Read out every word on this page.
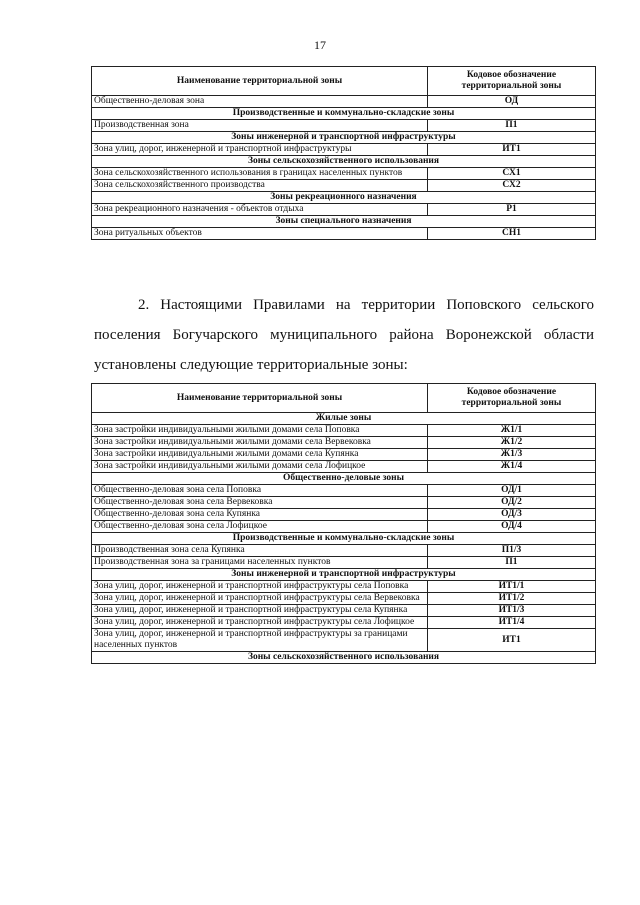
17
Наименование территориальной зоны	Кодовое обозначение территориальной зоны
Общественно-деловая зона	ОД
Производственные и коммунально-складские зоны	
Производственная зона	П1
Зоны инженерной и транспортной инфраструктуры	
Зона улиц, дорог, инженерной и транспортной инфраструктуры	ИТ1
Зоны сельскохозяйственного использования	
Зона сельскохозяйственного использования в границах населенных пунктов	СХ1
Зона сельскохозяйственного производства	СХ2
Зоны рекреационного назначения	
Зона рекреационного назначения - объектов отдыха	Р1
Зоны специального назначения	
Зона ритуальных объектов	СН1

2. Настоящими Правилами на территории Поповского сельского поселения Богучарского муниципального района Воронежской области установлены следующие территориальные зоны:

Наименование территориальной зоны	Кодовое обозначение территориальной зоны
Жилые зоны	
Зона застройки индивидуальными жилыми домами села Поповка	Ж1/1
Зона застройки индивидуальными жилыми домами села Вервековка	Ж1/2
Зона застройки индивидуальными жилыми домами села Купянка	Ж1/3
Зона застройки индивидуальными жилыми домами села Лофицкое	Ж1/4
Общественно-деловые зоны	
Общественно-деловая зона села Поповка	ОД/1
Общественно-деловая зона села Вервековка	ОД/2
Общественно-деловая зона села Купянка	ОД/3
Общественно-деловая зона села Лофицкое	ОД/4
Производственные и коммунально-складские зоны	
Производственная зона села Купянка	П1/3
Производственная зона за границами населенных пунктов	П1
Зоны инженерной и транспортной инфраструктуры	
Зона улиц, дорог, инженерной и транспортной инфраструктуры села Поповка	ИТ1/1
Зона улиц, дорог, инженерной и транспортной инфраструктуры села Вервековка	ИТ1/2
Зона улиц, дорог, инженерной и транспортной инфраструктуры села Купянка	ИТ1/3
Зона улиц, дорог, инженерной и транспортной инфраструктуры села Лофицкое	ИТ1/4
Зона улиц, дорог, инженерной и транспортной инфраструктуры за границами населенных пунктов	ИТ1
Зоны сельскохозяйственного использования	
